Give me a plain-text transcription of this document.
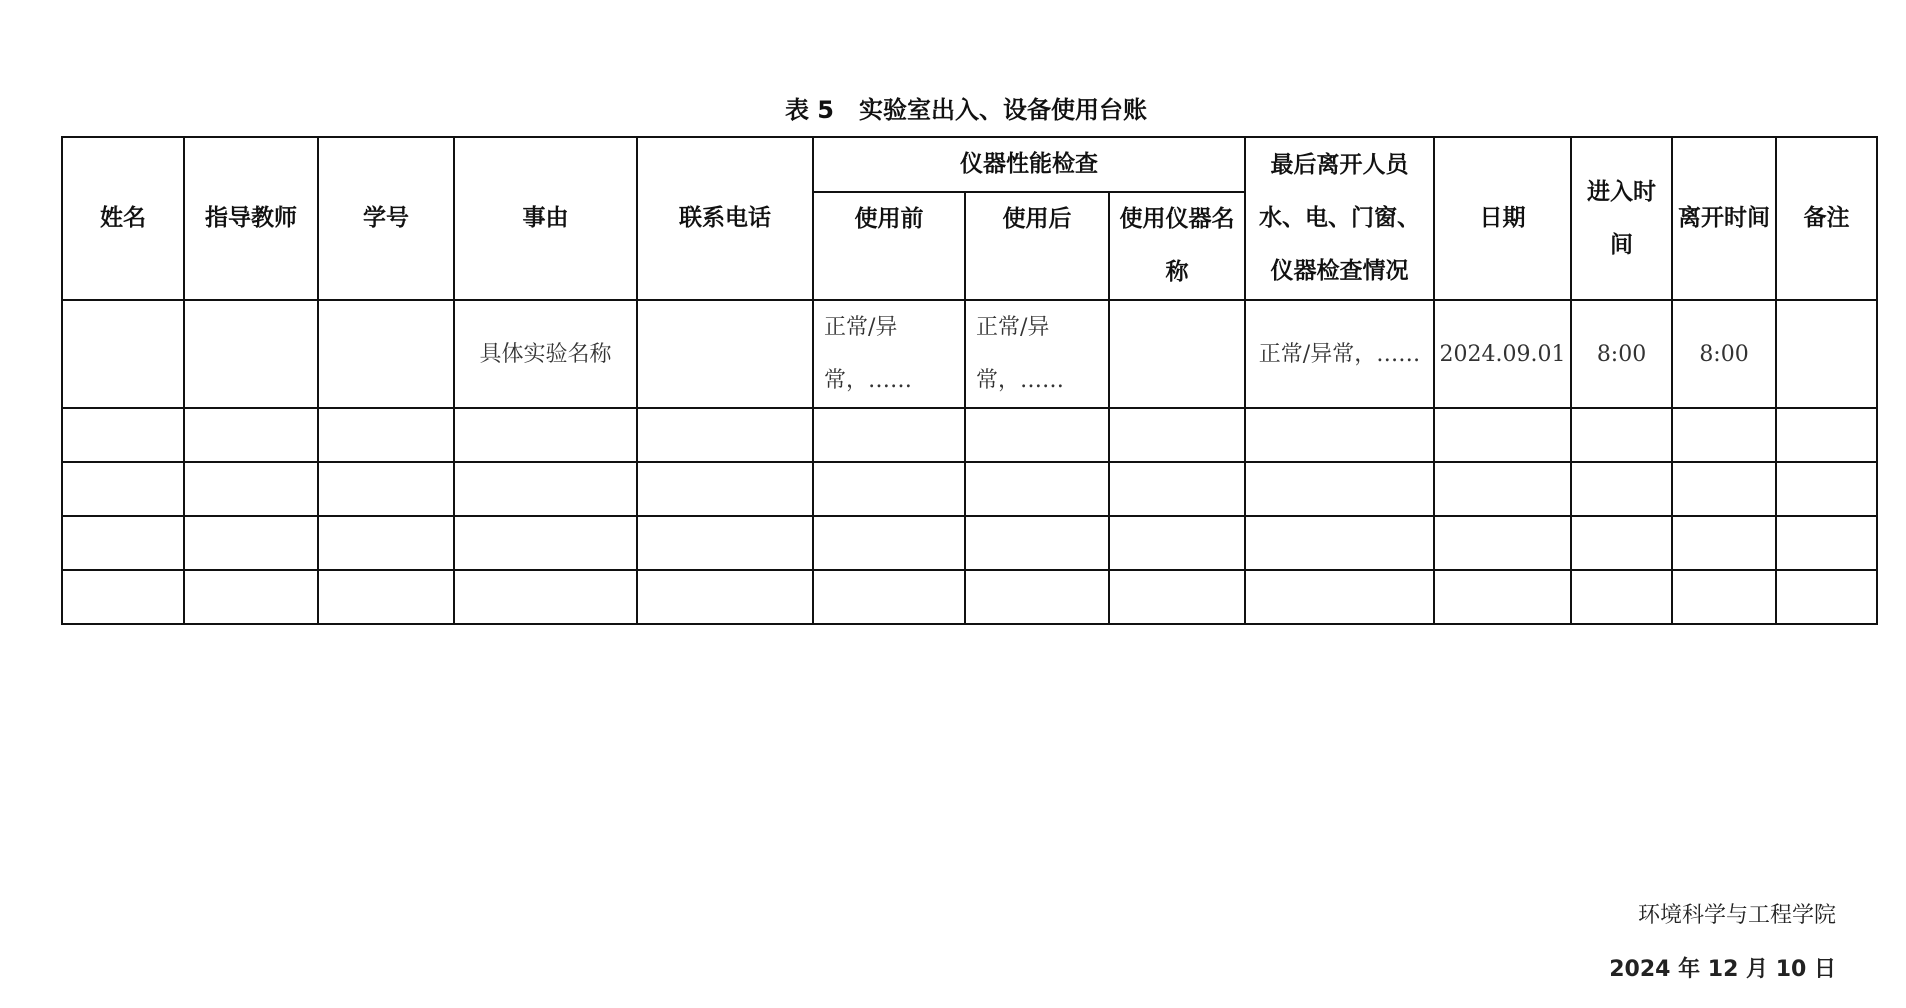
表 5   实验室出入、设备使用台账
姓名	指导教师	学号	事由	联系电话	仪器性能检查			最后离开人员水、电、门窗、仪器检查情况	日期	进入时间	离开时间	备注
					使用前	使用后	使用仪器名称					
			具体实验名称		正常/异常，……	正常/异常，……		正常/异常，……	2024.09.01	8:00	8:00	

环境科学与工程学院
2024 年 12 月 10 日
